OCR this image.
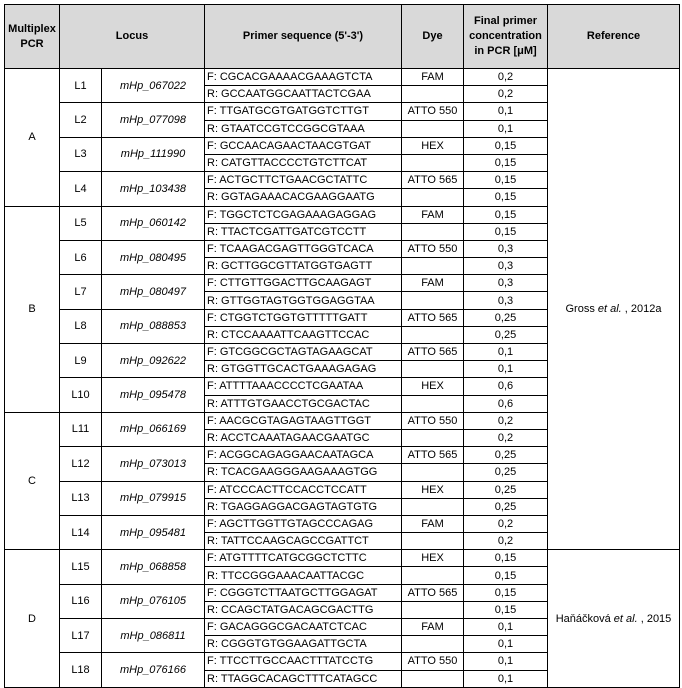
Multiplex PCR	Locus		Primer sequence (5'-3')	Dye	Final primer concentration in PCR [μM]	Reference
A	L1	mHp_067022	F: CGCACGAAAACGAAAGTCTA	FAM	0,2	Gross et al. , 2012a
			R: GCCAATGGCAATTACTCGAA		0,2	
	L2	mHp_077098	F: TTGATGCGTGATGGTCTTGT	ATTO 550	0,1	
			R: GTAATCCGTCCGGCGTAAA		0,1	
	L3	mHp_111990	F: GCCAACAGAACTAACGTGAT	HEX	0,15	
			R: CATGTTACCCCTGTCTTCAT		0,15	
	L4	mHp_103438	F: ACTGCTTCTGAACGCTATTC	ATTO 565	0,15	
			R: GGTAGAAACACGAAGGAATG		0,15	
B	L5	mHp_060142	F: TGGCTCTCGAGAAAGAGGAG	FAM	0,15	
			R: TTACTCGATTGATCGTCCTT		0,15	
	L6	mHp_080495	F: TCAAGACGAGTTGGGTCACA	ATTO 550	0,3	
			R: GCTTGGCGTTATGGTGAGTT		0,3	
	L7	mHp_080497	F: CTTGTTGGACTTGCAAGAGT	FAM	0,3	
			R: GTTGGTAGTGGTGGAGGTAA		0,3	
	L8	mHp_088853	F: CTGGTCTGGTGTTTTTGATT	ATTO 565	0,25	
			R: CTCCAAAATTCAAGTTCCAC		0,25	
	L9	mHp_092622	F: GTCGGCGCTAGTAGAAGCAT	ATTO 565	0,1	
			R: GTGGTTGCACTGAAAGAGAG		0,1	
	L10	mHp_095478	F: ATTTTAAACCCCTCGAATAA	HEX	0,6	
			R: ATTTGTGAACCTGCGACTAC		0,6	
C	L11	mHp_066169	F: AACGCGTAGAGTAAGTTGGT	ATTO 550	0,2	
			R: ACCTCAAATAGAACGAATGC		0,2	
	L12	mHp_073013	F: ACGGCAGAGGAACAATAGCA	ATTO 565	0,25	
			R: TCACGAAGGGAAGAAAGTGG		0,25	
	L13	mHp_079915	F: ATCCCACTTCCACCTCCATT	HEX	0,25	
			R: TGAGGAGGACGAGTAGTGTG		0,25	
	L14	mHp_095481	F: AGCTTGGTTGTAGCCCAGAG	FAM	0,2	
			R: TATTCCAAGCAGCCGATTCT		0,2	
D	L15	mHp_068858	F: ATGTTTTCATGCGGCTCTTC	HEX	0,15	Haňáčková et al. , 2015
			R: TTCCGGGAAACAATTACGC		0,15	
	L16	mHp_076105	F: CGGGTCTTAATGCTTGGAGAT	ATTO 565	0,15	
			R: CCAGCTATGACAGCGACTTG		0,15	
	L17	mHp_086811	F: GACAGGGCGACAATCTCAC	FAM	0,1	
			R: CGGGTGTGGAAGATTGCTA		0,1	
	L18	mHp_076166	F: TTCCTTGCCAACTTTATCCTG	ATTO 550	0,1	
			R: TTAGGCACAGCTTTCATAGCC		0,1	
